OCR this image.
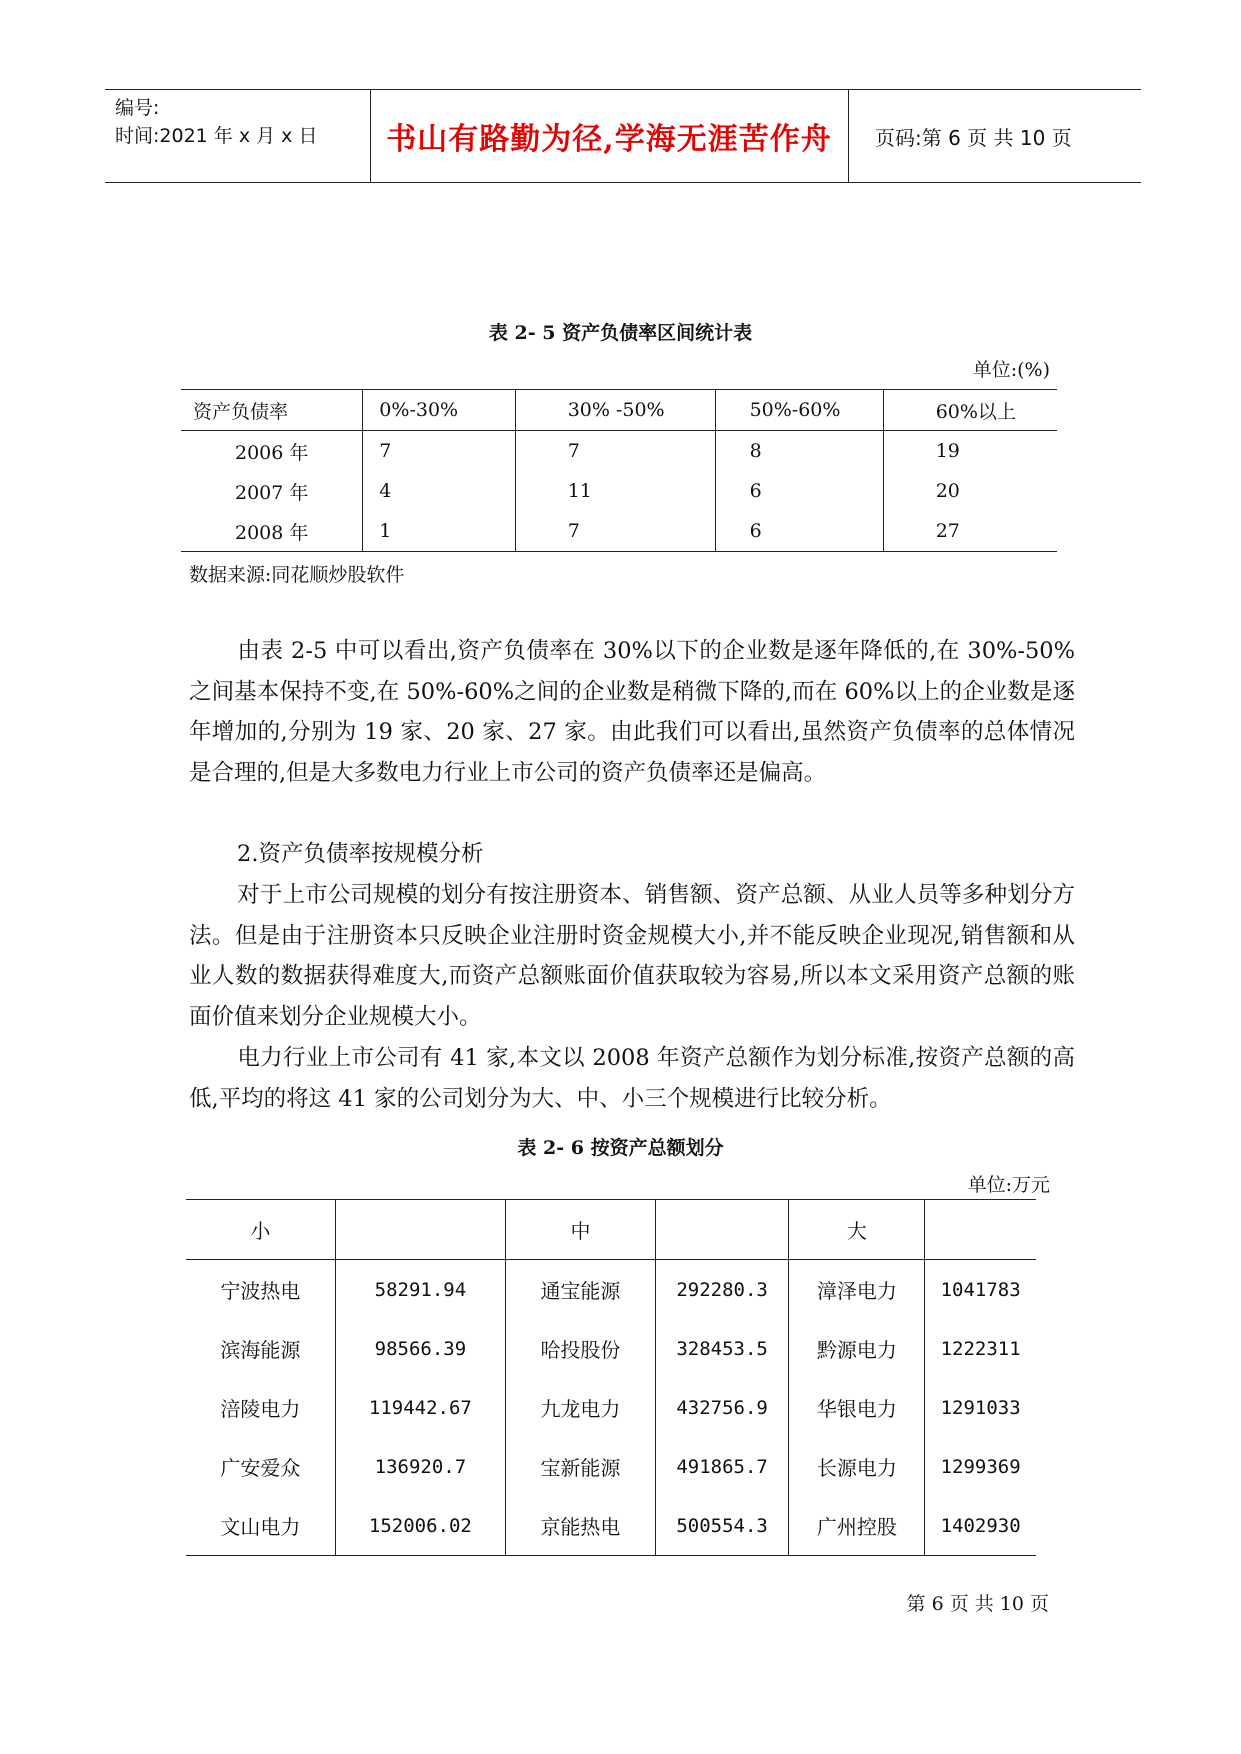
编号:
时间:2021 年 x 月 x 日	书山有路勤为径,学海无涯苦作舟	页码:第 6 页 共 10 页
表 2- 5 资产负债率区间统计表
单位:(%)
资产负债率	0%-30%	30% -50%	50%-60%	60%以上
2006 年	7	7	8	19
2007 年	4	11	6	20
2008 年	1	7	6	27
数据来源:同花顺炒股软件
由表 2-5 中可以看出,资产负债率在 30%以下的企业数是逐年降低的,在 30%-50%之间基本保持不变,在 50%-60%之间的企业数是稍微下降的,而在 60%以上的企业数是逐年增加的,分别为 19 家、20 家、27 家。由此我们可以看出,虽然资产负债率的总体情况是合理的,但是大多数电力行业上市公司的资产负债率还是偏高。
2.资产负债率按规模分析
对于上市公司规模的划分有按注册资本、销售额、资产总额、从业人员等多种划分方法。但是由于注册资本只反映企业注册时资金规模大小,并不能反映企业现况,销售额和从业人数的数据获得难度大,而资产总额账面价值获取较为容易,所以本文采用资产总额的账面价值来划分企业规模大小。
电力行业上市公司有 41 家,本文以 2008 年资产总额作为划分标准,按资产总额的高低,平均的将这 41 家的公司划分为大、中、小三个规模进行比较分析。
表 2- 6 按资产总额划分
单位:万元
小		中		大	
宁波热电	58291.94	通宝能源	292280.3	漳泽电力	1041783
滨海能源	98566.39	哈投股份	328453.5	黔源电力	1222311
涪陵电力	119442.67	九龙电力	432756.9	华银电力	1291033
广安爱众	136920.7	宝新能源	491865.7	长源电力	1299369
文山电力	152006.02	京能热电	500554.3	广州控股	1402930
第 6 页 共 10 页
